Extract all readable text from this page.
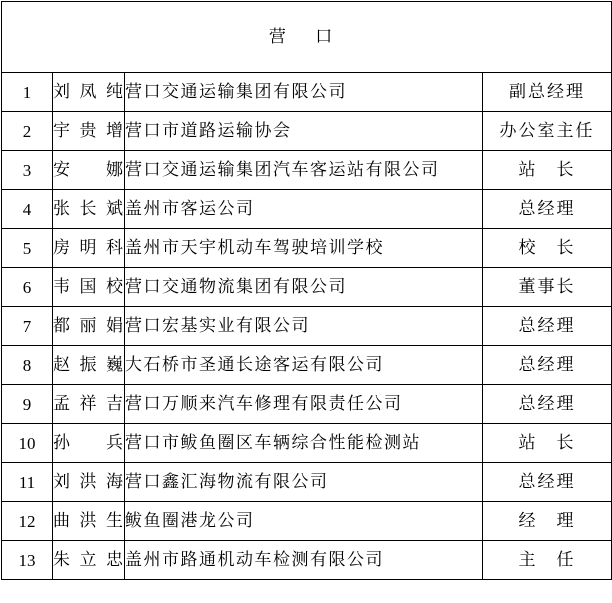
营 口			
1	刘凤纯	营口交通运输集团有限公司	副总经理
2	宇贵增	营口市道路运输协会	办公室主任
3	安　娜	营口交通运输集团汽车客运站有限公司	站　长
4	张长斌	盖州市客运公司	总经理
5	房明科	盖州市天宇机动车驾驶培训学校	校　长
6	韦国校	营口交通物流集团有限公司	董事长
7	都丽娟	营口宏基实业有限公司	总经理
8	赵振巍	大石桥市圣通长途客运有限公司	总经理
9	孟祥吉	营口万顺来汽车修理有限责任公司	总经理
10	孙　兵	营口市鲅鱼圈区车辆综合性能检测站	站　长
11	刘洪海	营口鑫汇海物流有限公司	总经理
12	曲洪生	鲅鱼圈港龙公司	经　理
13	朱立忠	盖州市路通机动车检测有限公司	主　任
